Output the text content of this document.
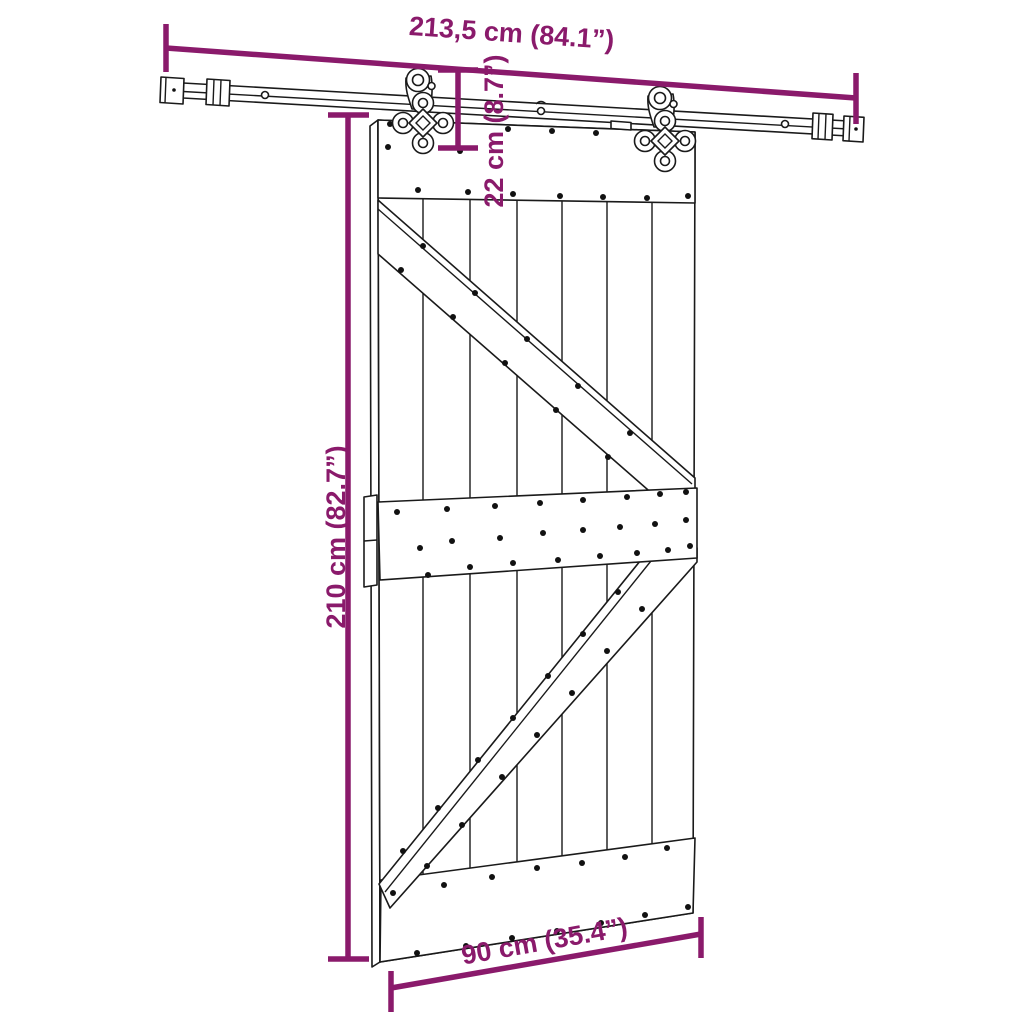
213,5 cm (84.1”)
22 cm (8.7”)
210 cm (82.7”)
90 cm (35.4”)
